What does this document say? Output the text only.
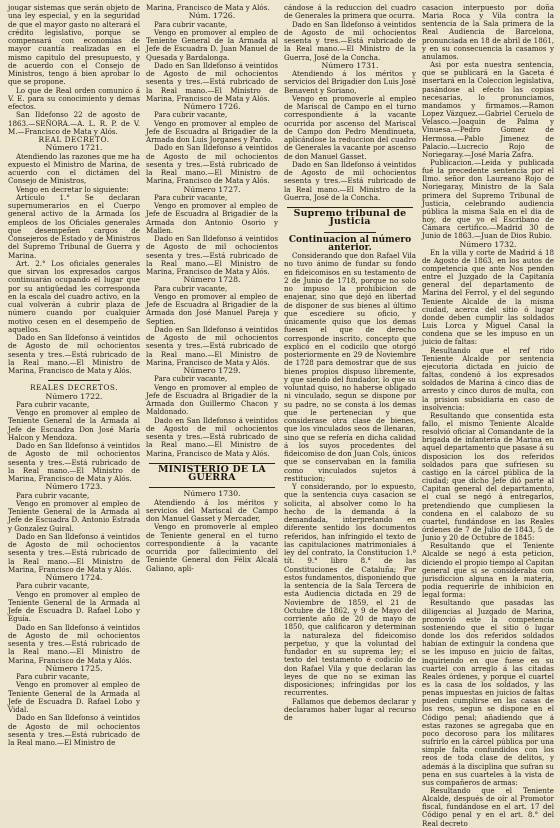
jougar sistemas que serán objeto de una ley especial, y en la seguridad de que el mayor gasto no alterará el crédito legislativo, porque se compensará con economias de mayor cuantía realizadas en el mismo capitulo del presupuesto, y de acuerdo con el Consejo de Ministros, tengo á bien aprobar lo que se propone.

Lo que de Real orden comunico á V. E. para su conocimiento y demas efectos.

San Ildefonso 22 de agosto de 1863.—SEÑORA.—A. L. R. P. de V. M.—Francisco de Mata y Alós.

REAL DECRETO.

Número 1721.

Atendiendo las razones que me ha expuesto el Ministro de Marina, de acuerdo con el dictámen del Consejo de Ministros,

Vengo en decretar lo siguiente:

Artículo 1.° Se declaran supernumerarios en el Cuerpo general activo de la Armada los empleos de los Oficiales generales que desempeñen cargos de Consejeros de Estado y de Ministros del Supremo Tribunal de Guerra y Marina.

Art. 2.° Los oficiales generales que sirvan los expresados cargos continuarán ocupando el lugar que por su antigüedad les corresponda en la escala del cuadro activo, en la cual volverán á cubrir plaza de número cuando por cualquier motivo cesen en el desempeño de aquellos.

Dado en San Ildefonso á veintidos de Agosto de mil ochocientos sesenta y tres.—Está rubricado de la Real mano.—El Ministro de Marina, Francisco de Mata y Alós.

REALES DECRETOS.

Número 1722.

Para cubrir vacante,

Vengo en promover al empleo de Teniente General de la Armada al Jefe de Escuadra Don José María Halcon y Mendoza.

Dado en San Ildefonso á veintidos de Agosto de mil ochocientos sesenta y tres.—Está rubricado de la Real mano.—El Ministro de Marina, Francisco de Mata y Alós.

Número 1723.

Para cubrir vacante,

Vengo en promover al empleo de Teniente General de la Armada al Jefe de Escuadra D. Antonio Estrada y Gonzalez Guiral.

Dado en San Ildefonso á veintidos de Agosto de mil ochocientos sesenta y tres.—Está rubricado de la Real mano.—El Ministro de Marina, Francisco de Mata y Alós.

Número 1724.

Para cubrir vacante,

Vengo en promover al empleo de Teniente General de la Armada al Jefe de Escuadra D. Rafael Lobo y Eguía.

Dado en San Ildefonso á veintidos de Agosto de mil ochocientos sesenta y tres.—Está rubricado de la Real mano.—El Ministro de Marina, Francisco de Mata y Alós.

Número 1725.

Para cubrir vacante,

Vengo en promover al empleo de Teniente General de la Armada al Jefe de Escuadra D. Rafael Lobo y Vidal.

Dado en San Ildefonso á veintidos de Agosto de mil ochocientos sesenta y tres.—Está rubricado de la Real mano.—El Ministro de

Marina, Francisco de Mata y Alós.

Núm. 1726.

Para cubrir vacante,

Vengo en promover al empleo de Teniente General de la Armada al Jefe de Escuadra D. Juan Manuel de Quesada y Bardalonga.

Dado en San Ildefonso á veintidos de Agosto de mil ochocientos sesenta y tres.—Está rubricado de la Real mano.—El Ministro de Marina, Francisco de Mata y Alós.

Número 1726.

Para cubrir vacante,

Vengo en promover al empleo de Jefe de Escuadra al Brigadier de la Armada don Luis Jorganes y Pardo.

Dado en San Ildefonso á veintidos de Agosto de mil ochocientos sesenta y tres.—Está rubricado de la Real mano.—El Ministro de Marina, Francisco de Mata y Alós.

Número 1727.

Para cubrir vacante,

Vengo en promover al empleo de Jefe de Escuadra al Brigadier de la Armada don Antonio Osorio y Mallen.

Dado en San Ildefonso á veintidos de Agosto de mil ochocientos sesenta y tres.—Está rubricado de la Real mano.—El Ministro de Marina, Francisco de Mata y Alós.

Número 1728.

Para cubrir vacante,

Vengo en promover al empleo de Jefe de Escuadra al Brigadier de la Armada don José Manuel Pareja y Septien.

Dado en San Ildefonso á veintidos de Agosto de mil ochocientos sesenta y tres.—Está rubricado de la Real mano.—El Ministro de Marina, Francisco de Mata y Alós.

Número 1729.

Para cubrir vacante,

Vengo en promover al empleo de Jefe de Escuadra al Brigadier de la Armada don Guillermo Chacon y Maldonado.

Dado en San Ildefonso á veintidos de Agosto de mil ochocientos sesenta y tres.—Está rubricado de la Real mano.—El Ministro de Marina, Francisco de Mata y Alós.

MINISTERIO DE LA GUERRA

Número 1730.

Atendiendo á los méritos y servicios del Mariscal de Campo don Manuel Gasset y Mercader,

Vengo en promoverle al empleo de Teniente general en el turno correspondiente á la vacante ocurrida por fallecimiento del Teniente General don Félix Alcalá Galiano, apli-

cándose á la reduccion del cuadro de Generales la primera que ocurra.

Dado en San Ildefonso á veintidos de Agosto de mil ochocientos sesenta y tres.—Está rubricado de la Real mano.—El Ministro de la Guerra, José de la Concha.

Número 1731.

Atendiendo á los méritos y servicios del Brigadier don Luis José Benavent y Soriano,

Vengo en promoverle al empleo de Mariscal de Campo en el turno correspondiente á la vacante ocurrida por ascenso del Mariscal de Campo don Pedro Mendinueta, aplicándose la reduccion del cuadro de Generales la vacante por ascenso de don Manuel Gasset.

Dado en San Ildefonso á veintidos de Agosto de mil ochocientos sesenta y tres.—Está rubricado de la Real mano.—El Ministro de la Guerra, José de la Concha.

Supremo tribunal de Justicia

Continuacion al número anterior.

Considerando que don Rafael Vila no tuvo ánimo de fundar su fondo en fideicomisos en su testamento de 2 de Junio de 1718, porque no solo no impuso la prohibicion de enajenar, sino que dejó en libertad de disponer de sus bienes al último que escediere su oficio, y únicamente quiso que los demas fuesen el que de derecho corresponde inscrito, concepto que explicó en el codicilo que otorgó posteriormente en 29 de Noviembre de 1728 para demostrar que de sus bienes propios dispuso libremente, y que siendo del fundador, lo que su voluntad quiso, no haberse obligado ni vinculado, segun se dispone por su padre, no se consta á los demas que le pertenecian y que considerase otra clase de bienes, que los vinculados seos de llenaran, sino que se refería en dicha calidad á los suyos procedentes del fideicomiso de don Juan Cols, únicos que se conservaban en la familia como vinculados sujetos á restitucion;

Y considerando, por lo expuesto, que la sentencia cuya casacion se solicita, al absolver como lo ha hecho de la demanda á la demandada, interpretando en diferente sentido los documentos referidos, han infringido el texto de las capitulaciones matrimoniales á ley del contrato, la Constitucion 1.ª tít. 9.° libro 8.° de las Constituciones de Cataluña; Por estos fundamentos, disponiendo que la sentencia de la Sala Tercera de esta Audiencia dictada en 29 de Noviembre de 1859, el 21 de Octubre de 1862, y 9 de Mayo del corriente año de 20 de mayo de 1850, que calificaron y determinan la naturaleza del fideicomiso perpetuo, y que la voluntad del fundador en su suprema ley; el texto del testamento é codicilo de don Rafael Vila y que declaran las leyes de que no se eximan las disposiciones; infringidas por los recurrentes.

Fallamos que debemos declarar y declaramos haber lugar al recurso de

casacion interpuesto por doña Maria Roca y Vila contra la sentencia de la Sala primera de la Real Audiencia de Barcelona, pronunciada en 18 de abril de 1861, y en su consecuencia la casamos y anulamos.

Asi por esta nuestra sentencia, que se publicará en la Gaceta é insertará en la Coleccion legislativa, pasándose al efecto las copias necesarias, lo pronunciamos, mandamos y firmamos.—Ramon Lopez Vázquez.—Gabriel Ceruelo de Velasco.—Joaquin de Palma y Vinuesa.—Pedro Gomez de Hermosa.—Pablo Jimenez de Palacio.—Lucrecio Rojo de Noriegaray.—José María Zafra.

Publicacion.—Leida y publicada fué la precedente sentencia por el Ilmo. señor don Laureano Rojo de Noriegaray, Ministro de la Sala primera del Supremo Tribunal de Justicia, celebrando audiencia pública la misma Sala en el dia de hoy, de que yo el Escribano de Cámara certifico.—Madrid 30 de Junio de 1863.—Juan de Dios Rubio.

Número 1732.

En la villa y corte de Madrid á 18 de Agosto de 1863, en los autos de competencia que ante Nos penden entre el Juzgado de la Capitanía general del departamento de Marina del Ferrol, y el del segundo Teniente Alcalde de la misma ciudad, acerca del sitio ó lugar donde deben cumplir las soldados Luis Lorca y Miguel Canal la condena que se les impuso en un juicio de faltas:

Resultando que el ref rido Teniente Alcalde por sentencia ejecutoria dictada en juicio de faltas, condenó á los expresados soldados de Marina á cinco dias de arresto y cinco duros de multa, con la prision subsidiaria en caso de insolvencia:

Resultando que consentida esta fallo, el mismo Teniente Alcalde resolvió oficiar al Comandante de la brigada de infantería de Marina en aquel departamento que pasase á su disposicion los dos referidos soldados para que sufriesen su castigo en la cárcel pública de la ciudad; que dicho Jefe dió parte al Capitan general del departamento, el cual se negó á entregarlos, pretendiendo que cumpliesen la condena en el calabozo de su cuartel, fundándose en las Reales órdenes de 7 de Julio de 1843, 5 de Junio y 20 de Octubre de 1845:

Resultando que el Teniente Alcalde se negó á esta peticion, diciendo el propio tiempo al Capitan general que si se consideraba con jurisdiccion alguna en la materia, podia requerirle de inhibicion en legal forma:

Resultando que pasadas las diligencias al Juzgado de Marina, promovió este la competencia sosteniendo que el sitio ó lugar donde los dos referidos soldados habian de extinguir la condena que se les impuso en juicio de faltas, inquiriendo en que fuese en su cuartel con arreglo á las citadas Reales órdenes, y porque el cuartel es la casa de los soldados, y las penas impuestas en juicios de faltas pueden cumplirse en las casas de los reos, segun se dispone en el Código penal; añadiendo que á estas razones se agregaba que en poco decoroso para los militares sufrirlo en la cárcel pública por una simple falta confundidos con los reos de toda clase de delitos, y además á la disciplina que sufran su pena en sus cuarteles á la vista de sus compañeros de armas:

Resultando que el Teniente Alcalde, después de oír al Promotor fiscal, fundándose en el art. 17 del Código penal y en el art. 8.° del Real decreto
